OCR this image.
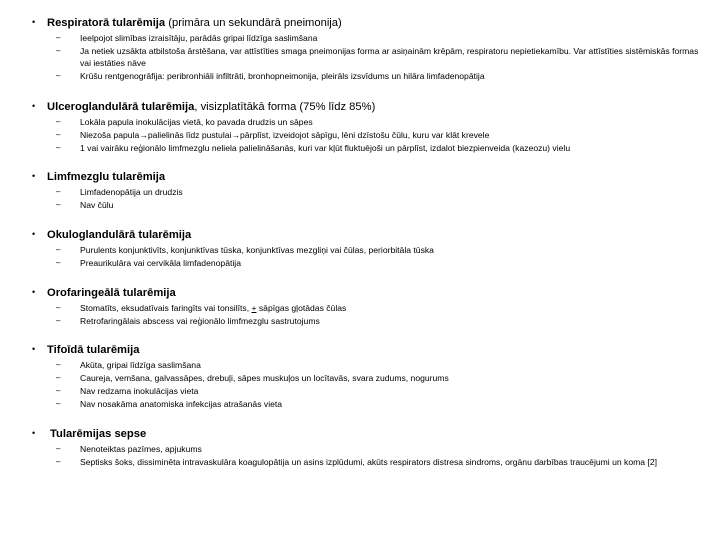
• Respiratorā tularēmija (primāra un sekundārā pneimonija)
– Ieelpojot slimības izraisītāju, parādās gripai līdzīga saslimšana
– Ja netiek uzsākta atbilstoša ārstēšana, var attīstīties smaga pneimonijas forma ar asiņainām krēpām, respiratoru nepietiekamību. Var attīstīties sistēmiskās formas vai iestāties nāve
– Krūšu rentgenogrāfija: peribronhiāli infiltrāti, bronhopneimonija, pleirāls izsvīdums un hilāra limfadenopātija
• Ulceroglandulārā tularēmija, visizplatītākā forma (75% līdz 85%)
– Lokāla papula inokulācijas vietā, ko pavada drudzis un sāpes
– Niezoša papula→palielinās līdz pustulai→pārplīst, izveidojot sāpīgu, lēni dzīstošu čūlu, kuru var klāt krevele
– 1 vai vairāku reģionālo limfmezglu neliela palielināšanās, kuri var kļūt fluktuējoši un pārplīst, izdalot biezpienveida (kazeozu) vielu
• Limfmezglu tularēmija
– Limfadenopātija un drudzis
– Nav čūlu
• Okuloglandulārā tularēmija
– Purulents konjunktivīts, konjunktīvas tūska, konjunktīvas mezgliņi vai čūlas, periorbitāla tūska
– Preaurikulāra vai cervikāla limfadenopātija
• Orofaringeālā tularēmija
– Stomatīts, eksudatīvais faringīts vai tonsilīts, + sāpīgas gļotādas čūlas
– Retrofaringālais abscess vai reģionālo limfmezglu sastrutojums
• Tifoīdā tularēmija
– Akūta, gripai līdzīga saslimšana
– Caureja, vemšana, galvassāpes, drebuļi, sāpes muskuļos un locītavās, svara zudums, nogurums
– Nav redzama inokulācijas vieta
– Nav nosakāma anatomiska infekcijas atrašanās vieta
• Tularēmijas sepse
– Nenoteiktas pazīmes, apjukums
– Septisks šoks, dissiminēta intravaskulāra koagulopātija un asins izplūdumi, akūts respirators distresa sindroms, orgānu darbības traucējumi un koma [2]
